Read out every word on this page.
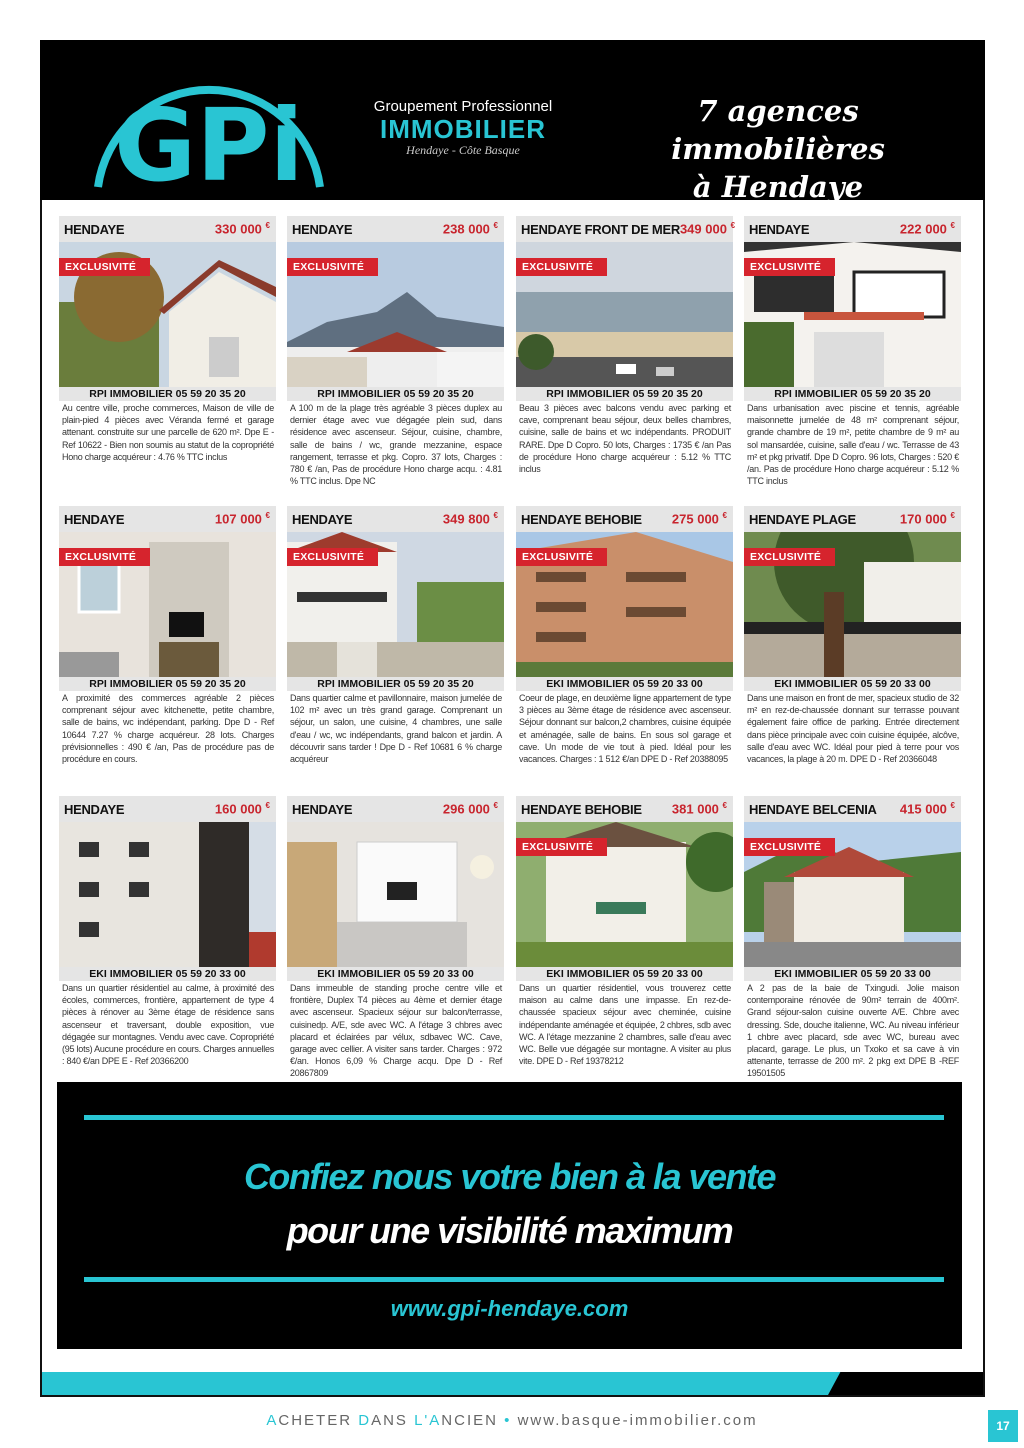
GPi	Groupement Professionnel
IMMOBILIER
Hendaye - Côte Basque
7 agences immobilières
à Hendaye
HENDAYE	330 000 €
EXCLUSIVITÉ
RPI IMMOBILIER 05 59 20 35 20
Au centre ville, proche commerces, Maison de ville de plain-pied 4 pièces avec Véranda fermé et garage attenant. construite sur une parcelle de 620 m². Dpe E - Ref 10622 - Bien non soumis au statut de la copropriété Hono charge acquéreur : 4.76 % TTC inclus
HENDAYE	238 000 €
EXCLUSIVITÉ
RPI IMMOBILIER 05 59 20 35 20
A 100 m de la plage très agréable 3 pièces duplex au dernier étage avec vue dégagée plein sud, dans résidence avec ascenseur. Séjour, cuisine, chambre, salle de bains / wc, grande mezzanine, espace rangement, terrasse et pkg. Copro. 37 lots, Charges : 780 € /an, Pas de procédure Hono charge acqu. : 4.81 % TTC inclus. Dpe NC
HENDAYE FRONT DE MER 349 000 €
EXCLUSIVITÉ
RPI IMMOBILIER 05 59 20 35 20
Beau 3 pièces avec balcons vendu avec parking et cave, comprenant beau séjour, deux belles chambres, cuisine, salle de bains et wc indépendants. PRODUIT RARE. Dpe D Copro. 50 lots, Charges : 1735 € /an Pas de procédure Hono charge acquéreur : 5.12 % TTC inclus
HENDAYE	222 000 €
EXCLUSIVITÉ
RPI IMMOBILIER 05 59 20 35 20
Dans urbanisation avec piscine et tennis, agréable maisonnette jumelée de 48 m² comprenant séjour, grande chambre de 19 m², petite chambre de 9 m² au sol mansardée, cuisine, salle d'eau / wc. Terrasse de 43 m² et pkg privatif. Dpe D Copro. 96 lots, Charges : 520 € /an. Pas de procédure Hono charge acquéreur : 5.12 % TTC inclus
HENDAYE	107 000 €
EXCLUSIVITÉ
RPI IMMOBILIER 05 59 20 35 20
A proximité des commerces agréable 2 pièces comprenant séjour avec kitchenette, petite chambre, salle de bains, wc indépendant, parking. Dpe D - Ref 10644 7.27 % charge acquéreur. 28 lots. Charges prévisionnelles : 490 € /an, Pas de procédure pas de procédure en cours.
HENDAYE	349 800 €
EXCLUSIVITÉ
RPI IMMOBILIER 05 59 20 35 20
Dans quartier calme et pavillonnaire, maison jumelée de 102 m² avec un très grand garage. Comprenant un séjour, un salon, une cuisine, 4 chambres, une salle d'eau / wc, wc indépendants, grand balcon et jardin. A découvrir sans tarder ! Dpe D - Ref 10681 6 % charge acquéreur
HENDAYE BEHOBIE 275 000 €
EXCLUSIVITÉ
EKI IMMOBILIER 05 59 20 33 00
Coeur de plage, en deuxième ligne appartement de type 3 pièces au 3ème étage de résidence avec ascenseur. Séjour donnant sur balcon,2 chambres, cuisine équipée et aménagée, salle de bains. En sous sol garage et cave. Un mode de vie tout à pied. Idéal pour les vacances. Charges : 1 512 €/an DPE D - Ref 20388095
HENDAYE PLAGE	170 000 €
EXCLUSIVITÉ
EKI IMMOBILIER 05 59 20 33 00
Dans une maison en front de mer, spacieux studio de 32 m² en rez-de-chaussée donnant sur terrasse pouvant également faire office de parking. Entrée directement dans pièce principale avec coin cuisine équipée, alcôve, salle d'eau avec WC. Idéal pour pied à terre pour vos vacances, la plage à 20 m. DPE D - Ref 20366048
HENDAYE	160 000 €
EKI IMMOBILIER 05 59 20 33 00
Dans un quartier résidentiel au calme, à proximité des écoles, commerces, frontière, appartement de type 4 pièces à rénover au 3ème étage de résidence sans ascenseur et traversant, double exposition, vue dégagée sur montagnes. Vendu avec cave. Copropriété (95 lots) Aucune procédure en cours. Charges annuelles : 840 €/an DPE E - Ref 20366200
HENDAYE	296 000 €
EKI IMMOBILIER 05 59 20 33 00
Dans immeuble de standing proche centre ville et frontière, Duplex T4 pièces au 4ème et dernier étage avec ascenseur. Spacieux séjour sur balcon/terrasse, cuisinedp. A/E, sde avec WC. A l'étage 3 chbres avec placard et éclairées par vélux, sdbavec WC. Cave, garage avec cellier. A visiter sans tarder. Charges : 972 €/an. Honos 6,09 % Charge acqu. Dpe D - Ref 20867809
HENDAYE BEHOBIE 381 000 €
EXCLUSIVITÉ
EKI IMMOBILIER 05 59 20 33 00
Dans un quartier résidentiel, vous trouverez cette maison au calme dans une impasse. En rez-de-chaussée spacieux séjour avec cheminée, cuisine indépendante aménagée et équipée, 2 chbres, sdb avec WC. A l'étage mezzanine 2 chambres, salle d'eau avec WC. Belle vue dégagée sur montagne. A visiter au plus vite. DPE D - Ref 19378212
HENDAYE BELCENIA 415 000 €
EXCLUSIVITÉ
EKI IMMOBILIER 05 59 20 33 00
A 2 pas de la baie de Txingudi. Jolie maison contemporaine rénovée de 90m² terrain de 400m². Grand séjour-salon cuisine ouverte A/E. Chbre avec dressing. Sde, douche italienne, WC. Au niveau inférieur 1 chbre avec placard, sde avec WC, bureau avec placard, garage. Le plus, un Txoko et sa cave à vin attenante, terrasse de 200 m². 2 pkg ext DPE B -REF 19501505
Confiez nous votre bien à la vente
pour une visibilité maximum
www.gpi-hendaye.com
ACHETER DANS L'ANCIEN • www.basque-immobilier.com	17
